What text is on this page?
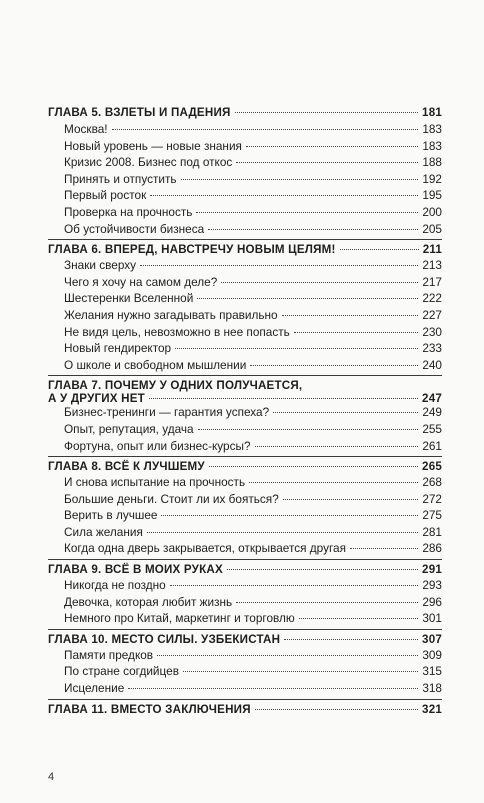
ГЛАВА 5. ВЗЛЕТЫ И ПАДЕНИЯ	181
Москва!	183
Новый уровень — новые знания	183
Кризис 2008. Бизнес под откос	188
Принять и отпустить	192
Первый росток	195
Проверка на прочность	200
Об устойчивости бизнеса	205
ГЛАВА 6. ВПЕРЕД, НАВСТРЕЧУ НОВЫМ ЦЕЛЯМ!	211
Знаки сверху	213
Чего я хочу на самом деле?	217
Шестеренки Вселенной	222
Желания нужно загадывать правильно	227
Не видя цель, невозможно в нее попасть	230
Новый гендиректор	233
О школе и свободном мышлении	240
ГЛАВА 7. ПОЧЕМУ У ОДНИХ ПОЛУЧАЕТСЯ,
А У ДРУГИХ НЕТ	247
Бизнес-тренинги — гарантия успеха?	249
Опыт, репутация, удача	255
Фортуна, опыт или бизнес-курсы?	261
ГЛАВА 8. ВСЁ К ЛУЧШЕМУ	265
И снова испытание на прочность	268
Большие деньги. Стоит ли их бояться?	272
Верить в лучшее	275
Сила желания	281
Когда одна дверь закрывается, открывается другая	286
ГЛАВА 9. ВСЁ В МОИХ РУКАХ	291
Никогда не поздно	293
Девочка, которая любит жизнь	296
Немного про Китай, маркетинг и торговлю	301
ГЛАВА 10. МЕСТО СИЛЫ. УЗБЕКИСТАН	307
Памяти предков	309
По стране согдийцев	315
Исцеление	318
ГЛАВА 11. ВМЕСТО ЗАКЛЮЧЕНИЯ	321
4
